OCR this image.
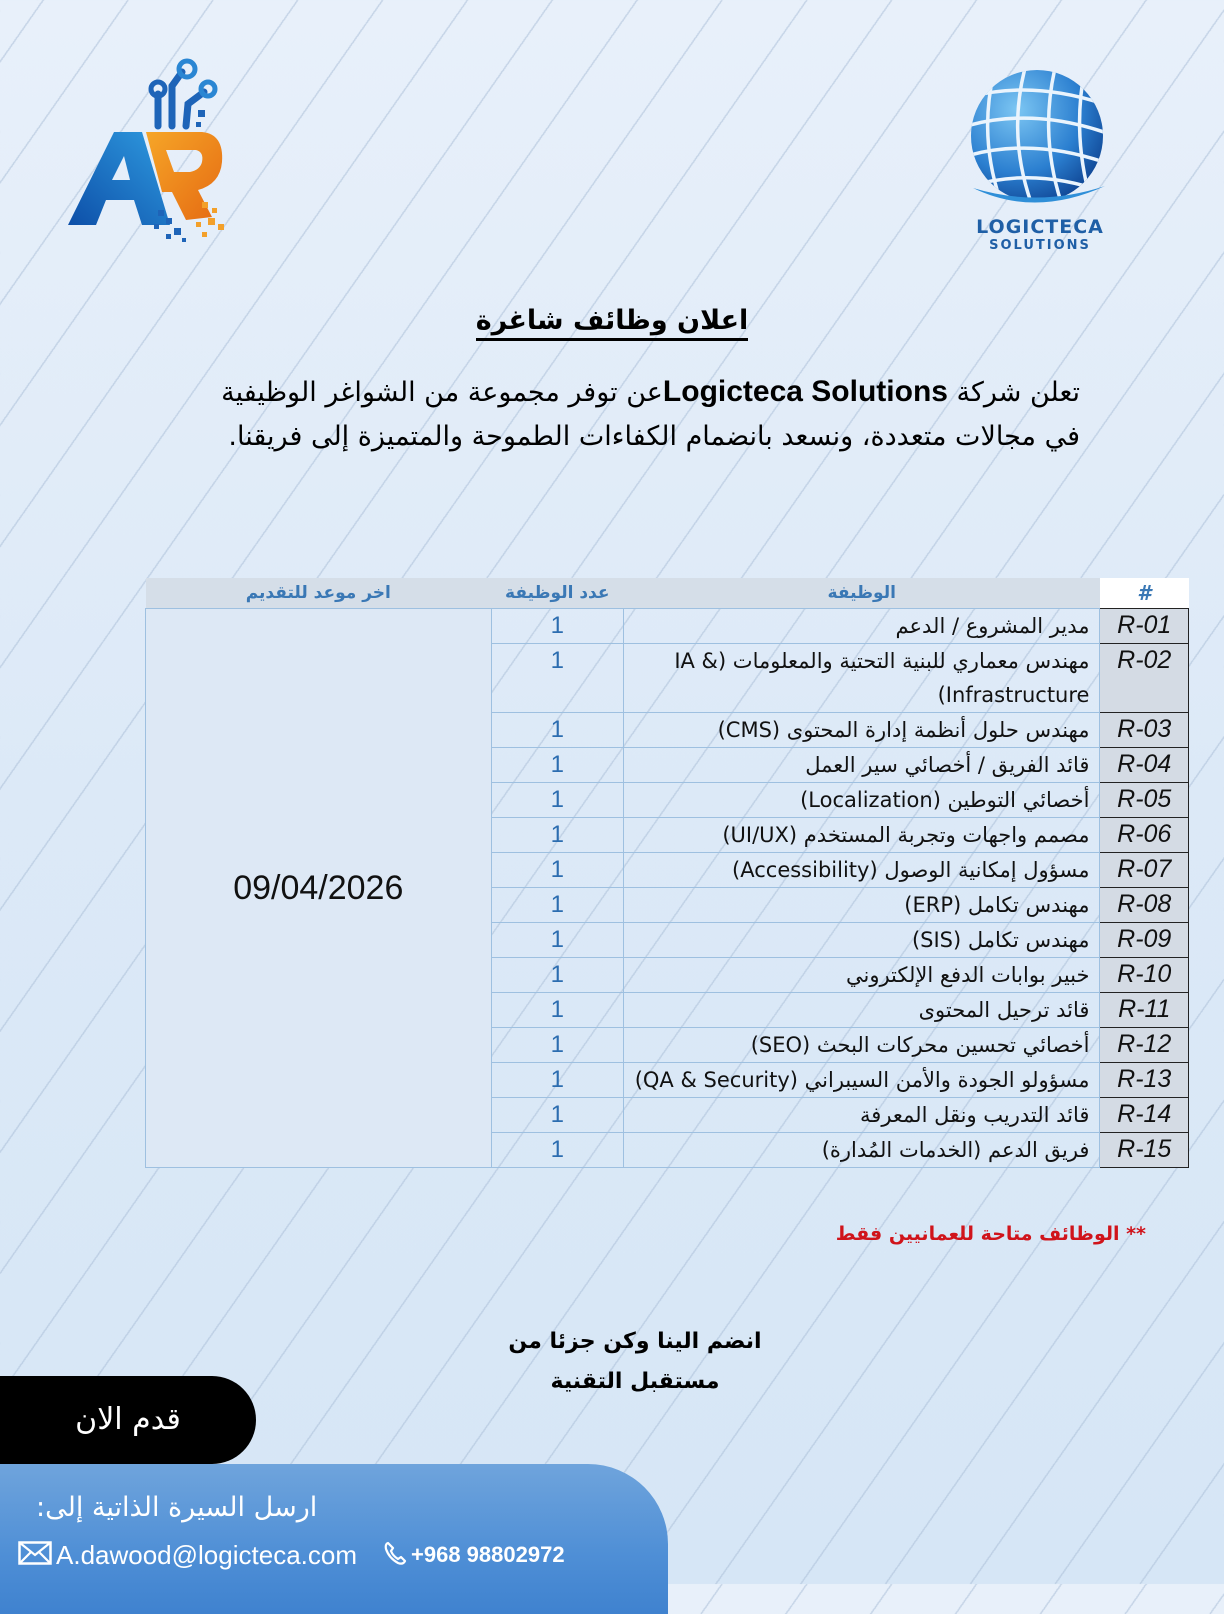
LOGICTECA
SOLUTIONS
اعلان وظائف شاغرة
تعلن شركة Logicteca Solutionsعن توفر مجموعة من الشواغر الوظيفية في مجالات متعددة، ونسعد بانضمام الكفاءات الطموحة والمتميزة إلى فريقنا.
اخر موعد للتقديم	عدد الوظيفة	الوظيفة	#
09/04/2026	1	مدير المشروع / الدعم	R-01
	1	مهندس معماري للبنية التحتية والمعلومات (IA & Infrastructure)	R-02
	1	مهندس حلول أنظمة إدارة المحتوى (CMS)	R-03
	1	قائد الفريق / أخصائي سير العمل	R-04
	1	أخصائي التوطين (Localization)	R-05
	1	مصمم واجهات وتجربة المستخدم (UI/UX)	R-06
	1	مسؤول إمكانية الوصول (Accessibility)	R-07
	1	مهندس تكامل (ERP)	R-08
	1	مهندس تكامل (SIS)	R-09
	1	خبير بوابات الدفع الإلكتروني	R-10
	1	قائد ترحيل المحتوى	R-11
	1	أخصائي تحسين محركات البحث (SEO)	R-12
	1	مسؤولو الجودة والأمن السيبراني (QA & Security)	R-13
	1	قائد التدريب ونقل المعرفة	R-14
	1	فريق الدعم (الخدمات المُدارة)	R-15
** الوظائف متاحة للعمانيين فقط
انضم الينا وكن جزئا من
مستقبل التقنية
قدم الان
ارسل السيرة الذاتية إلى:
A.dawood@logicteca.com +968 98802972
